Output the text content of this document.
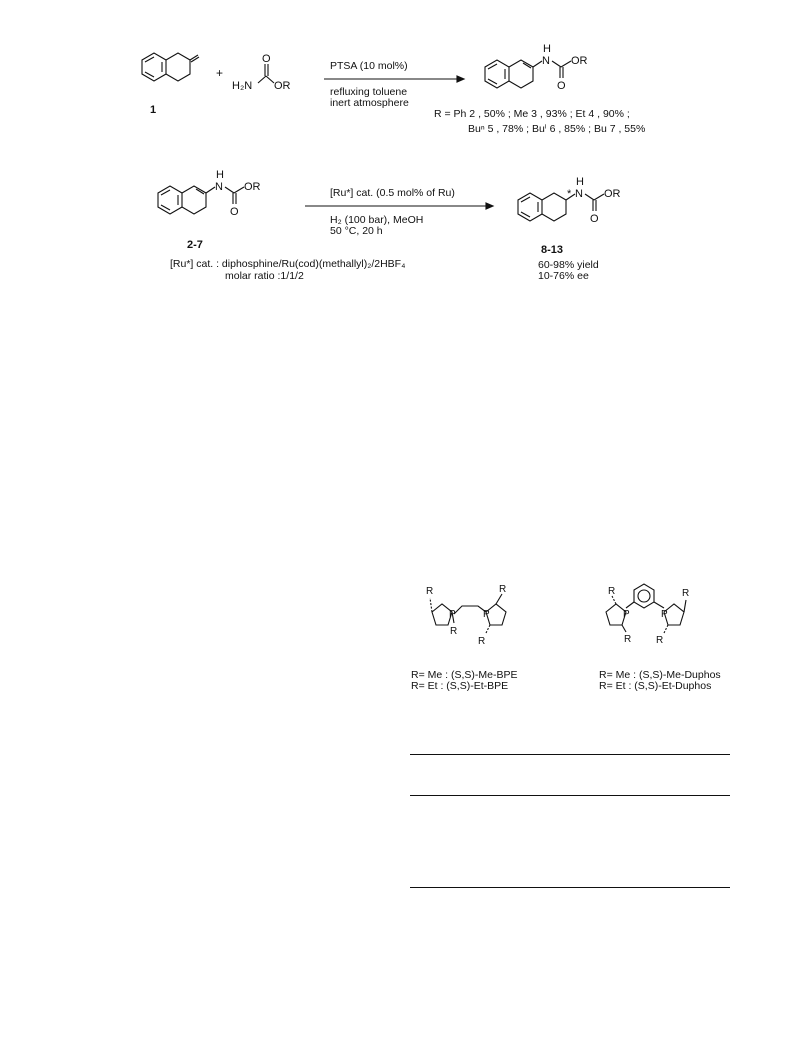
1
+
H₂N OR
O	N
H
OR
O
PTSA (10 mol%)
refluxing toluene
inert atmosphere
R = Ph 2 , 50% ; Me 3 , 93% ; Et 4 , 90% ;
Buⁿ 5 , 78% ; Buⁱ 6 , 85% ; Bu 7 , 55%
N
H
OR
O
2-7
N
H
OR
O
*
8-13
[Ru*] cat. (0.5 mol% of Ru)
H₂ (100 bar), MeOH
50 °C, 20 h
[Ru*] cat. : diphosphine/Ru(cod)(methallyl)₂/2HBF₄
molar ratio :1/1/2
60-98% yield
10-76% ee
R
R
R
R
P	P
R
R
R
R
P	P
R= Me : (S,S)-Me-BPE
R= Et : (S,S)-Et-BPE
R= Me : (S,S)-Me-Duphos
R= Et : (S,S)-Et-Duphos
